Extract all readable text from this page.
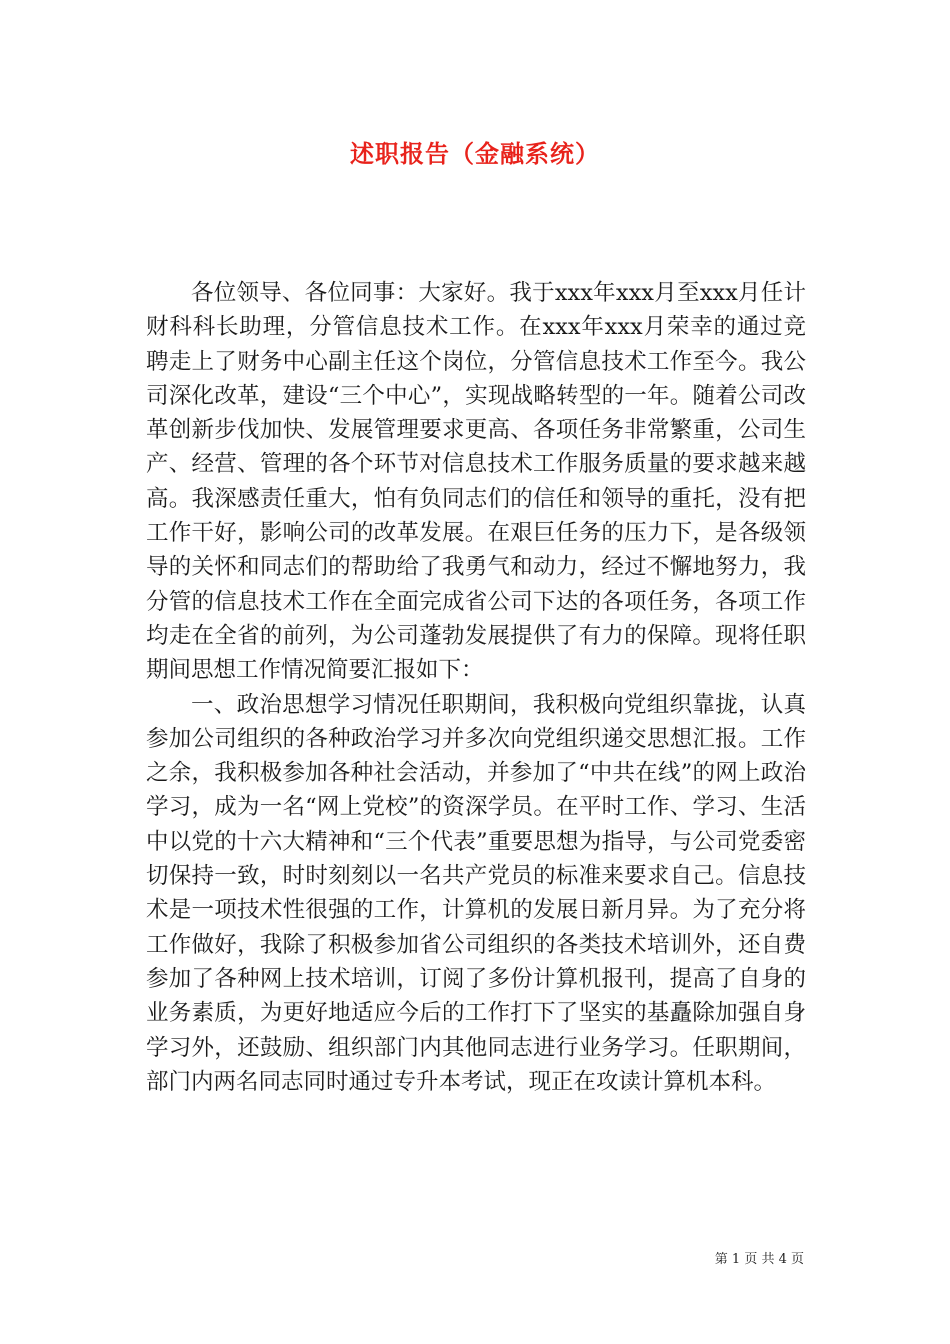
述职报告（金融系统）

各位领导、各位同事：大家好。我于xxx年xxx月至xxx月任计财科科长助理，分管信息技术工作。在xxx年xxx月荣幸的通过竞聘走上了财务中心副主任这个岗位，分管信息技术工作至今。我公司深化改革，建设“三个中心”，实现战略转型的一年。随着公司改革创新步伐加快、发展管理要求更高、各项任务非常繁重，公司生产、经营、管理的各个环节对信息技术工作服务质量的要求越来越高。我深感责任重大，怕有负同志们的信任和领导的重托，没有把工作干好，影响公司的改革发展。在艰巨任务的压力下，是各级领导的关怀和同志们的帮助给了我勇气和动力，经过不懈地努力，我分管的信息技术工作在全面完成省公司下达的各项任务，各项工作均走在全省的前列，为公司蓬勃发展提供了有力的保障。现将任职期间思想工作情况简要汇报如下：

一、政治思想学习情况任职期间，我积极向党组织靠拢，认真参加公司组织的各种政治学习并多次向党组织递交思想汇报。工作之余，我积极参加各种社会活动，并参加了“中共在线”的网上政治学习，成为一名“网上党校”的资深学员。在平时工作、学习、生活中以党的十六大精神和“三个代表”重要思想为指导，与公司党委密切保持一致，时时刻刻以一名共产党员的标准来要求自己。信息技术是一项技术性很强的工作，计算机的发展日新月异。为了充分将工作做好，我除了积极参加省公司组织的各类技术培训外，还自费参加了各种网上技术培训，订阅了多份计算机报刊，提高了自身的业务素质，为更好地适应今后的工作打下了坚实的基矗除加强自身学习外，还鼓励、组织部门内其他同志进行业务学习。任职期间，部门内两名同志同时通过专升本考试，现正在攻读计算机本科。

第 1 页 共 4 页
